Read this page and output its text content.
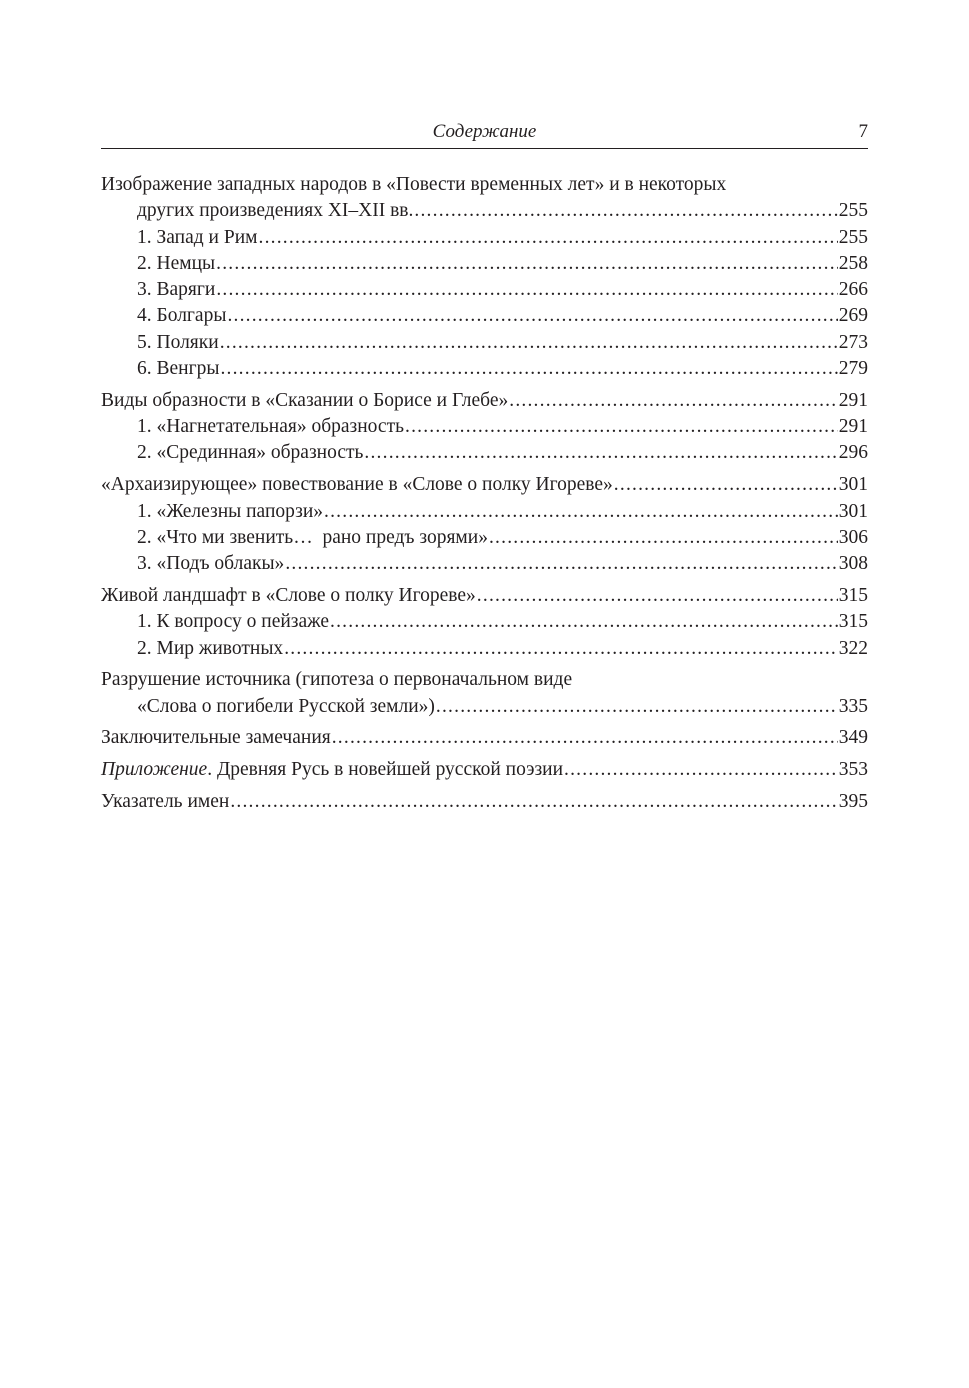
Содержание	7
Изображение западных народов в «Повести временных лет» и в некоторых
других произведениях XI–XII вв. .....	255
1. Запад и Рим .....	255
2. Немцы .....	258
3. Варяги .....	266
4. Болгары .....	269
5. Поляки .....	273
6. Венгры .....	279
Виды образности в «Сказании о Борисе и Глебе» .....	291
1. «Нагнетательная» образность .....	291
2. «Срединная» образность .....	296
«Архаизирующее» повествование в «Слове о полку Игореве» .....	301
1. «Железны папорзи» .....	301
2. «Что ми звенить…  рано предъ зорями» .....	306
3. «Подъ облакы» .....	308
Живой ландшафт в «Слове о полку Игореве» .....	315
1. К вопросу о пейзаже .....	315
2. Мир животных .....	322
Разрушение источника (гипотеза о первоначальном виде
«Слова о погибели Русской земли») .....	335
Заключительные замечания .....	349
Приложение. Древняя Русь в новейшей русской поэзии .....	353
Указатель имен .....	395
